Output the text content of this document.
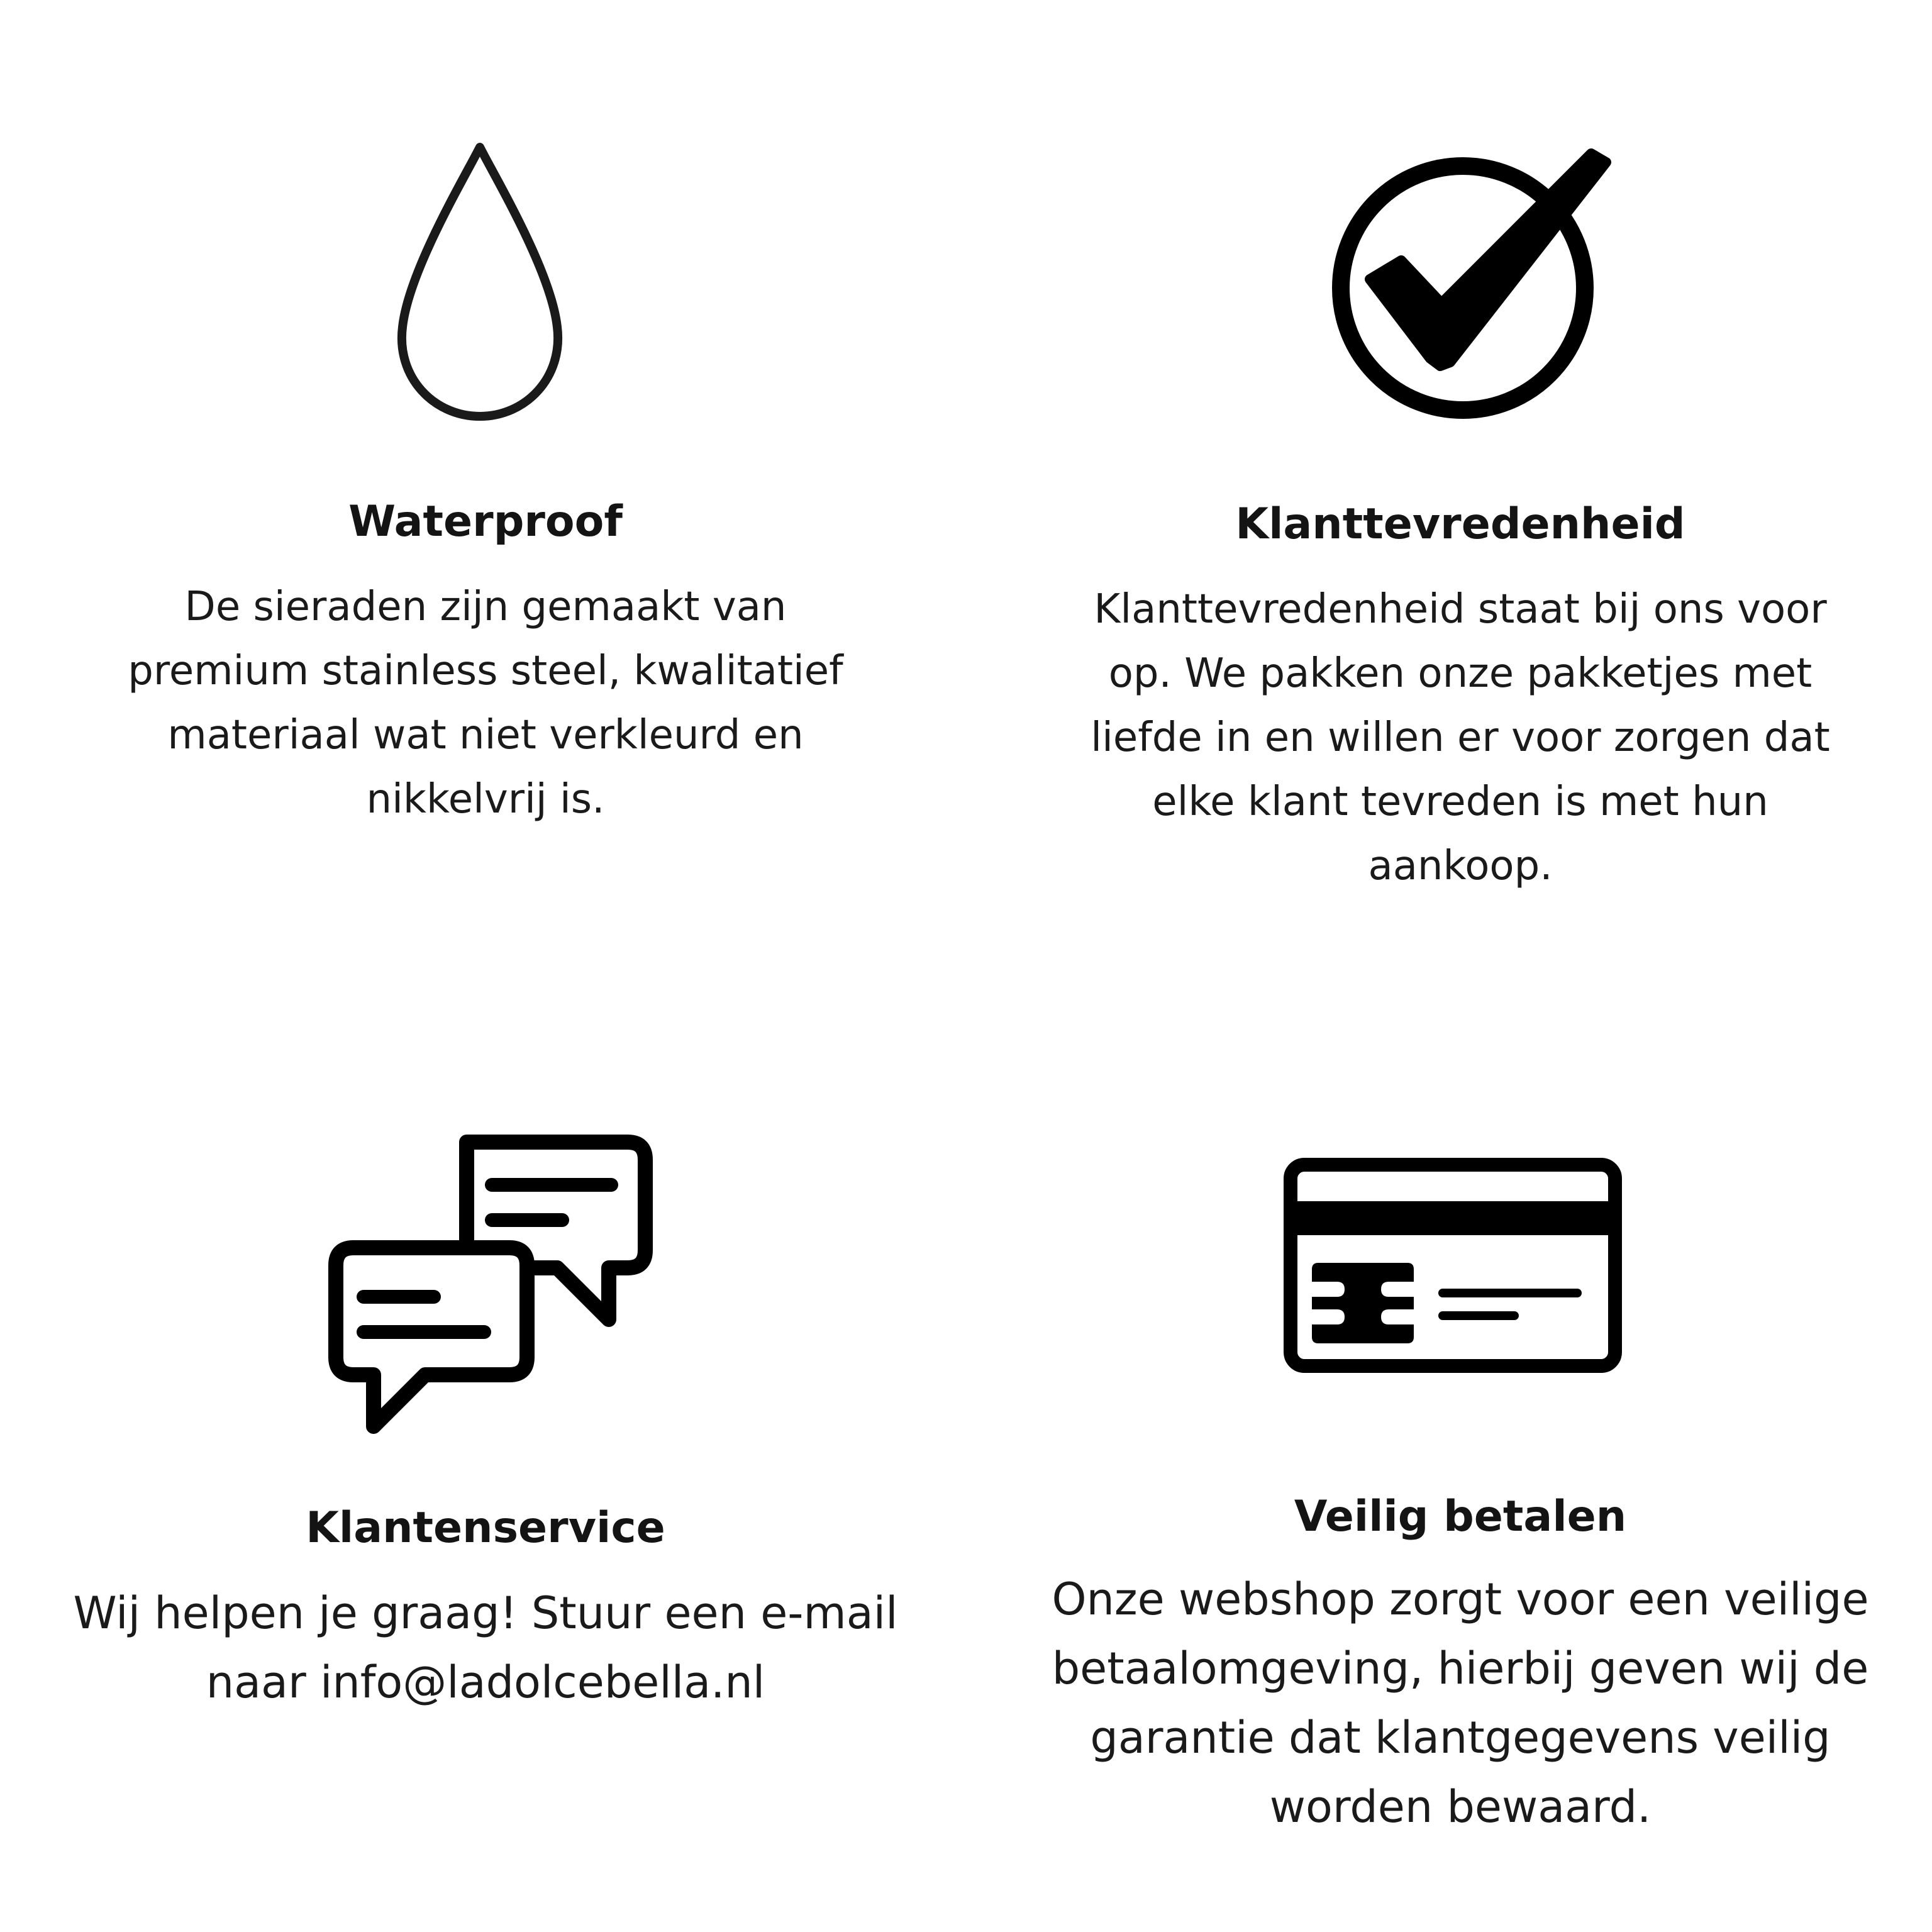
Waterproof

De sieraden zijn gemaakt van
premium stainless steel, kwalitatief
materiaal wat niet verkleurd en
nikkelvrij is.

Klanttevredenheid

Klanttevredenheid staat bij ons voor
op. We pakken onze pakketjes met
liefde in en willen er voor zorgen dat
elke klant tevreden is met hun
aankoop.

Klantenservice

Wij helpen je graag! Stuur een e-mail
naar info@ladolcebella.nl

Veilig betalen

Onze webshop zorgt voor een veilige
betaalomgeving, hierbij geven wij de
garantie dat klantgegevens veilig
worden bewaard.
